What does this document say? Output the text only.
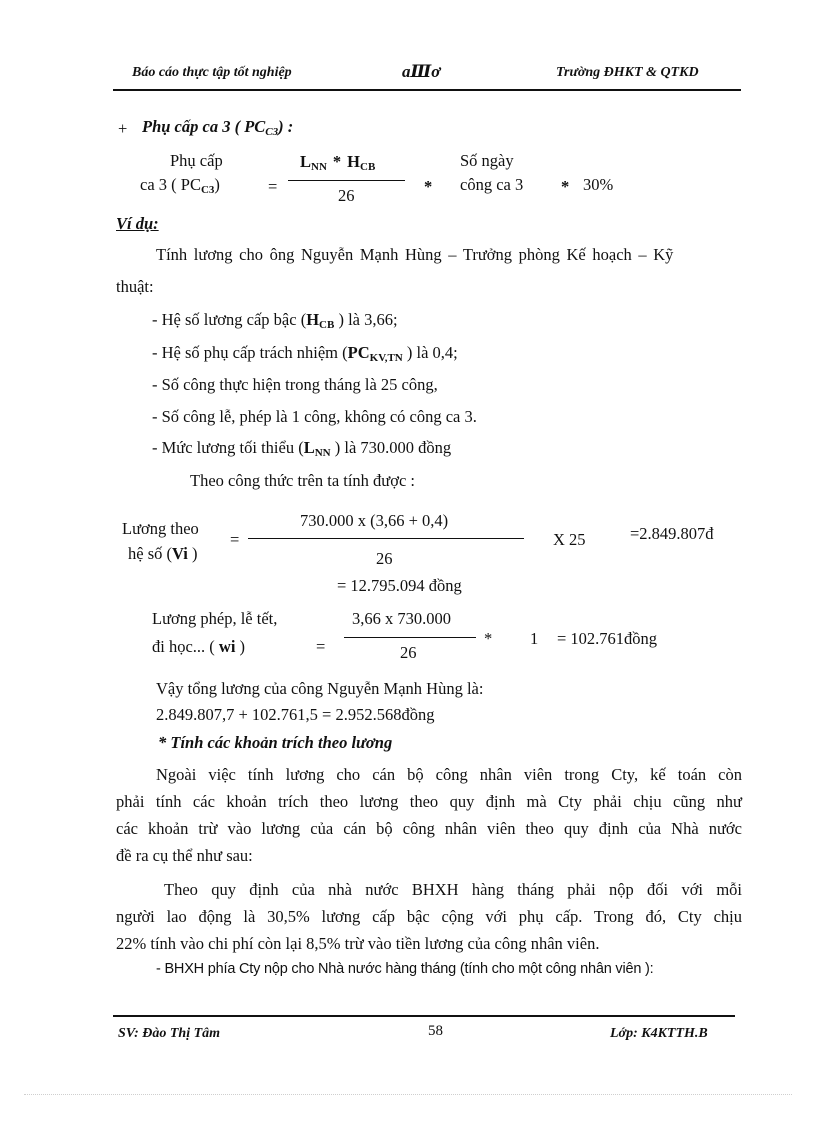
Báo cáo thực tập tốt nghiệp	ɑⅢơ	Trường ĐHKT & QTKD
+ Phụ cấp ca 3 ( $PC_{C3}$) :
Phụ cấp
ca 3 ( $PC_{C3}$)	=
$L_{NN} * H_{CB}$
26	*
Số ngày
công ca 3 * 30%
Ví dụ:
Tính lương cho ông Nguyễn Mạnh Hùng – Trưởng phòng Kế hoạch – Kỹ
thuật:
- Hệ số lương cấp bậc ($H_{CB}$ ) là 3,66;
- Hệ số phụ cấp trách nhiệm ($PC_{KV,TN}$ ) là 0,4;
- Số công thực hiện trong tháng là 25 công,
- Số công lễ, phép là 1 công, không có công ca 3.
- Mức lương tối thiểu ($L_{NN}$ ) là 730.000 đồng
Theo công thức trên ta tính được :
Lương theo
hệ số (Vi )
=
730.000 x (3,66 + 0,4)
26
X 25	=2.849.807đ
= 12.795.094 đồng
Lương phép, lễ tết,
đi học... ( wi )	=
3,66 x 730.000
26
* 1 = 102.761đồng
Vậy tổng lương của công Nguyễn Mạnh Hùng là:
2.849.807,7 + 102.761,5 = 2.952.568đồng
* Tính các khoản trích theo lương
Ngoài việc tính lương cho cán bộ công nhân viên trong Cty, kế toán còn
phải tính các khoản trích theo lương theo quy định mà Cty phải chịu cũng như
các khoản trừ vào lương của cán bộ công nhân viên theo quy định của Nhà nước
đề ra cụ thể như sau:
Theo quy định của nhà nước BHXH hàng tháng phải nộp đối với mỗi
người lao động là 30,5% lương cấp bậc cộng với phụ cấp. Trong đó, Cty chịu
22% tính vào chi phí còn lại 8,5% trừ vào tiền lương của công nhân viên.
- BHXH phía Cty nộp cho Nhà nước hàng tháng (tính cho một công nhân viên ):
SV: Đào Thị Tâm	58	Lớp: K4KTTH.B
